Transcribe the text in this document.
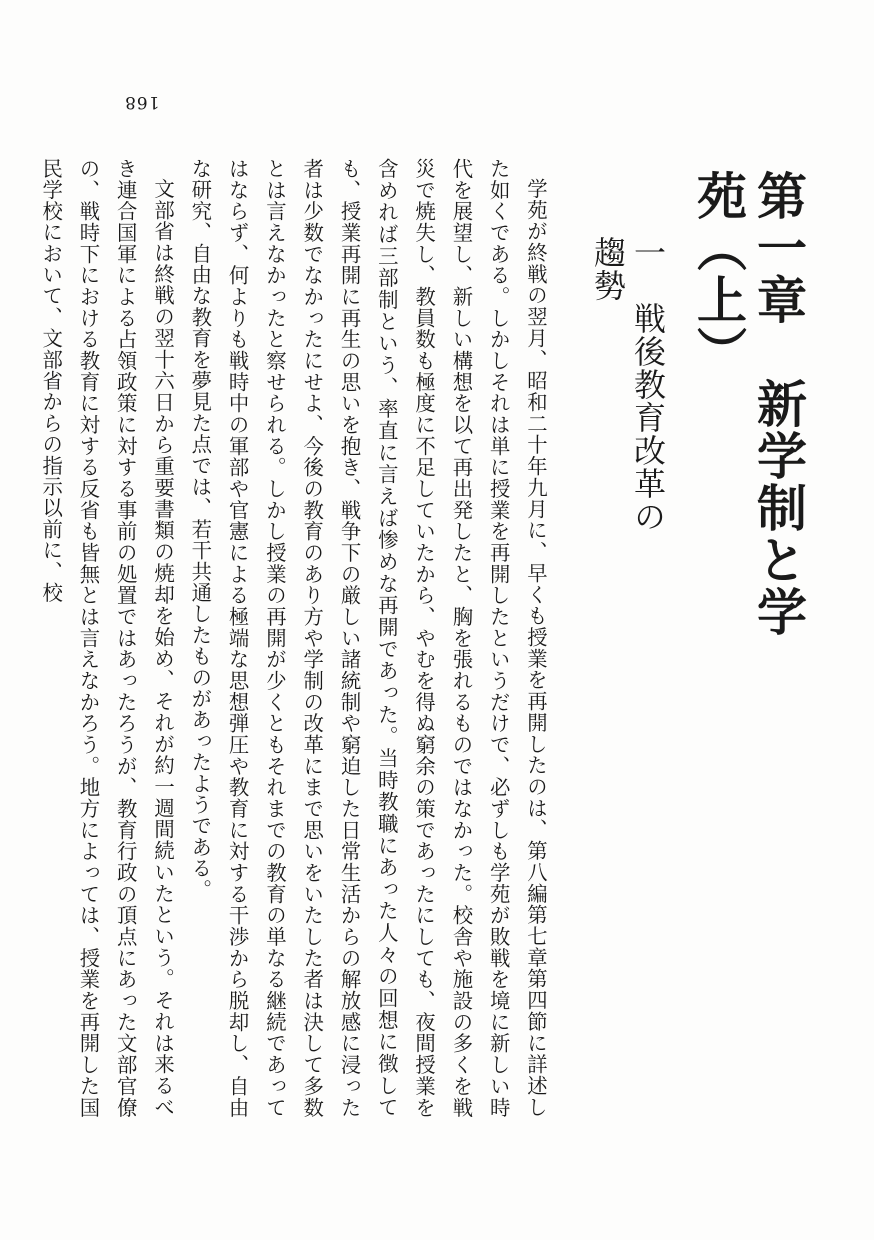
168
第一章　新学制と学苑（上）
一　戦後教育改革の趨勢

学苑が終戦の翌月、昭和二十年九月に、早くも授業を再開したのは、第八編第七章第四節に詳述した如くである。しかしそれは単に授業を再開したというだけで、必ずしも学苑が敗戦を境に新しい時代を展望し、新しい構想を以て再出発したと、胸を張れるものではなかった。校舎や施設の多くを戦災で焼失し、教員数も極度に不足していたから、やむを得ぬ窮余の策であったにしても、夜間授業を含めれば三部制という、率直に言えば惨めな再開であった。当時教職にあった人々の回想に徴しても、授業再開に再生の思いを抱き、戦争下の厳しい諸統制や窮迫した日常生活からの解放感に浸った者は少数でなかったにせよ、今後の教育のあり方や学制の改革にまで思いをいたした者は決して多数とは言えなかったと察せられる。しかし授業の再開が少くともそれまでの教育の単なる継続であってはならず、何よりも戦時中の軍部や官憲による極端な思想弾圧や教育に対する干渉から脱却し、自由な研究、自由な教育を夢見た点では、若干共通したものがあったようである。

文部省は終戦の翌十六日から重要書類の焼却を始め、それが約一週間続いたという。それは来るべき連合国軍による占領政策に対する事前の処置ではあったろうが、教育行政の頂点にあった文部官僚の、戦時下における教育に対する反省も皆無とは言えなかろう。地方によっては、授業を再開した国民学校において、文部省からの指示以前に、校
